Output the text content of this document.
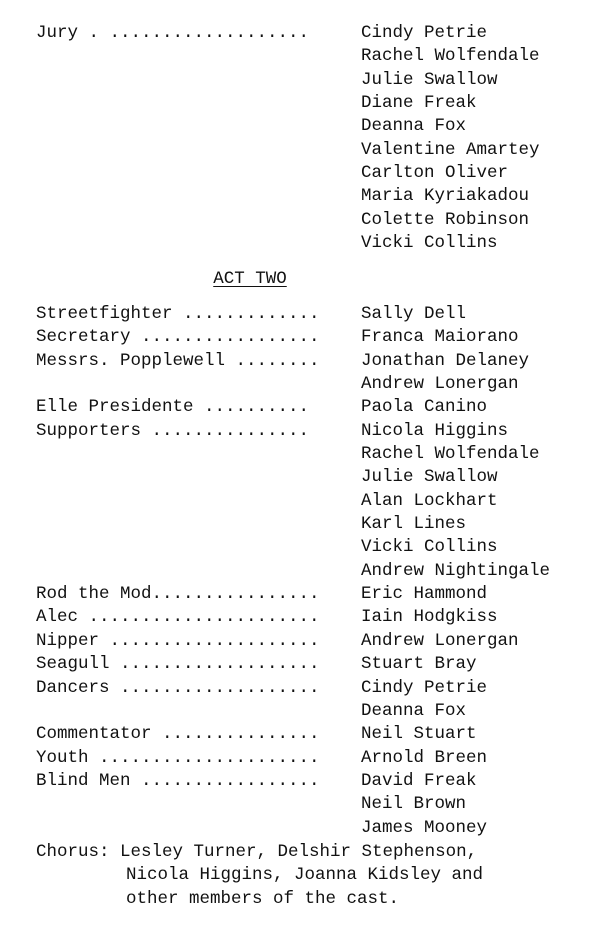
Jury . ...................	Cindy Petrie
Rachel Wolfendale
Julie Swallow
Diane Freak
Deanna Fox
Valentine Amartey
Carlton Oliver
Maria Kyriakadou
Colette Robinson
Vicki Collins
ACT TWO
Streetfighter ............. Sally Dell
Secretary ................. Franca Maiorano
Messrs. Popplewell ........ Jonathan Delaney
Andrew Lonergan
Elle Presidente ..........	Paola Canino
Supporters ...............	Nicola Higgins
Rachel Wolfendale
Julie Swallow
Alan Lockhart
Karl Lines
Vicki Collins
Andrew Nightingale
Rod the Mod................ Eric Hammond
Alec ...................... Iain Hodgkiss
Nipper .................... Andrew Lonergan
Seagull ................... Stuart Bray
Dancers ................... Cindy Petrie
Deanna Fox
Commentator ............... Neil Stuart
Youth ..................... Arnold Breen
Blind Men ................. David Freak
Neil Brown
James Mooney
Chorus: Lesley Turner, Delshir Stephenson,
Nicola Higgins, Joanna Kidsley and
other members of the cast.
